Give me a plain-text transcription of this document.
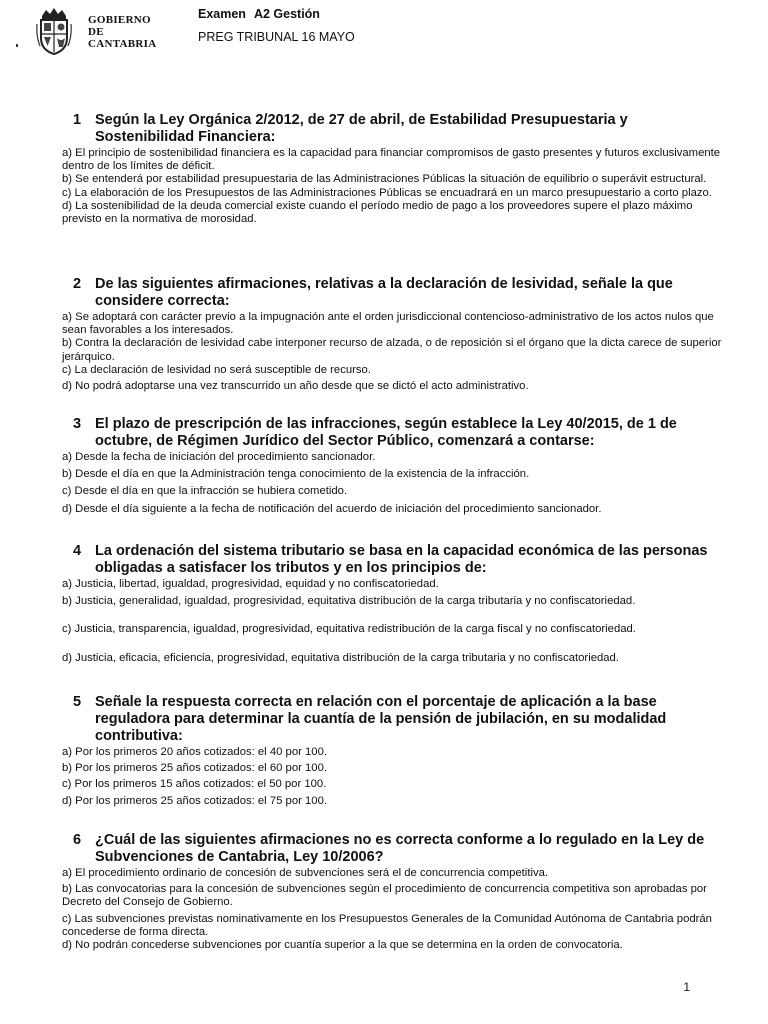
GOBIERNO
DE
CANTABRIA
Examen A2 Gestión
PREG TRIBUNAL 16 MAYO
1 Según la Ley Orgánica 2/2012, de 27 de abril, de Estabilidad Presupuestaria y Sostenibilidad Financiera:
a) El principio de sostenibilidad financiera es la capacidad para financiar compromisos de gasto presentes y futuros exclusivamente dentro de los límites de déficit.
b) Se entenderá por estabilidad presupuestaria de las Administraciones Públicas la situación de equilibrio o superávit estructural.
c) La elaboración de los Presupuestos de las Administraciones Públicas se encuadrará en un marco presupuestario a corto plazo.
d) La sostenibilidad de la deuda comercial existe cuando el período medio de pago a los proveedores supere el plazo máximo previsto en la normativa de morosidad.
2 De las siguientes afirmaciones, relativas a la declaración de lesividad, señale la que considere correcta:
a) Se adoptará con carácter previo a la impugnación ante el orden jurisdiccional contencioso-administrativo de los actos nulos que sean favorables a los interesados.
b) Contra la declaración de lesividad cabe interponer recurso de alzada, o de reposición si el órgano que la dicta carece de superior jerárquico.
c) La declaración de lesividad no será susceptible de recurso.
d) No podrá adoptarse una vez transcurrido un año desde que se dictó el acto administrativo.
3 El plazo de prescripción de las infracciones, según establece la Ley 40/2015, de 1 de octubre, de Régimen Jurídico del Sector Público, comenzará a contarse:
a) Desde la fecha de iniciación del procedimiento sancionador.
b) Desde el día en que la Administración tenga conocimiento de la existencia de la infracción.
c) Desde el día en que la infracción se hubiera cometido.
d) Desde el día siguiente a la fecha de notificación del acuerdo de iniciación del procedimiento sancionador.
4 La ordenación del sistema tributario se basa en la capacidad económica de las personas obligadas a satisfacer los tributos y en los principios de:
a) Justicia, libertad, igualdad, progresividad, equidad y no confiscatoriedad.
b) Justicia, generalidad, igualdad, progresividad, equitativa distribución de la carga tributaria y no confiscatoriedad.
c) Justicia, transparencia, igualdad, progresividad, equitativa redistribución de la carga fiscal y no confiscatoriedad.
d) Justicia, eficacia, eficiencia, progresividad, equitativa distribución de la carga tributaria y no confiscatoriedad.
5 Señale la respuesta correcta en relación con el porcentaje de aplicación a la base reguladora para determinar la cuantía de la pensión de jubilación, en su modalidad contributiva:
a) Por los primeros 20 años cotizados: el 40 por 100.
b) Por los primeros 25 años cotizados: el 60 por 100.
c) Por los primeros 15 años cotizados: el 50 por 100.
d) Por los primeros 25 años cotizados: el 75 por 100.
6 ¿Cuál de las siguientes afirmaciones no es correcta conforme a lo regulado en la Ley de Subvenciones de Cantabria, Ley 10/2006?
a) El procedimiento ordinario de concesión de subvenciones será el de concurrencia competitiva.
b) Las convocatorias para la concesión de subvenciones según el procedimiento de concurrencia competitiva son aprobadas por Decreto del Consejo de Gobierno.
c) Las subvenciones previstas nominativamente en los Presupuestos Generales de la Comunidad Autónoma de Cantabria podrán concederse de forma directa.
d) No podrán concederse subvenciones por cuantía superior a la que se determina en la orden de convocatoria.
1
